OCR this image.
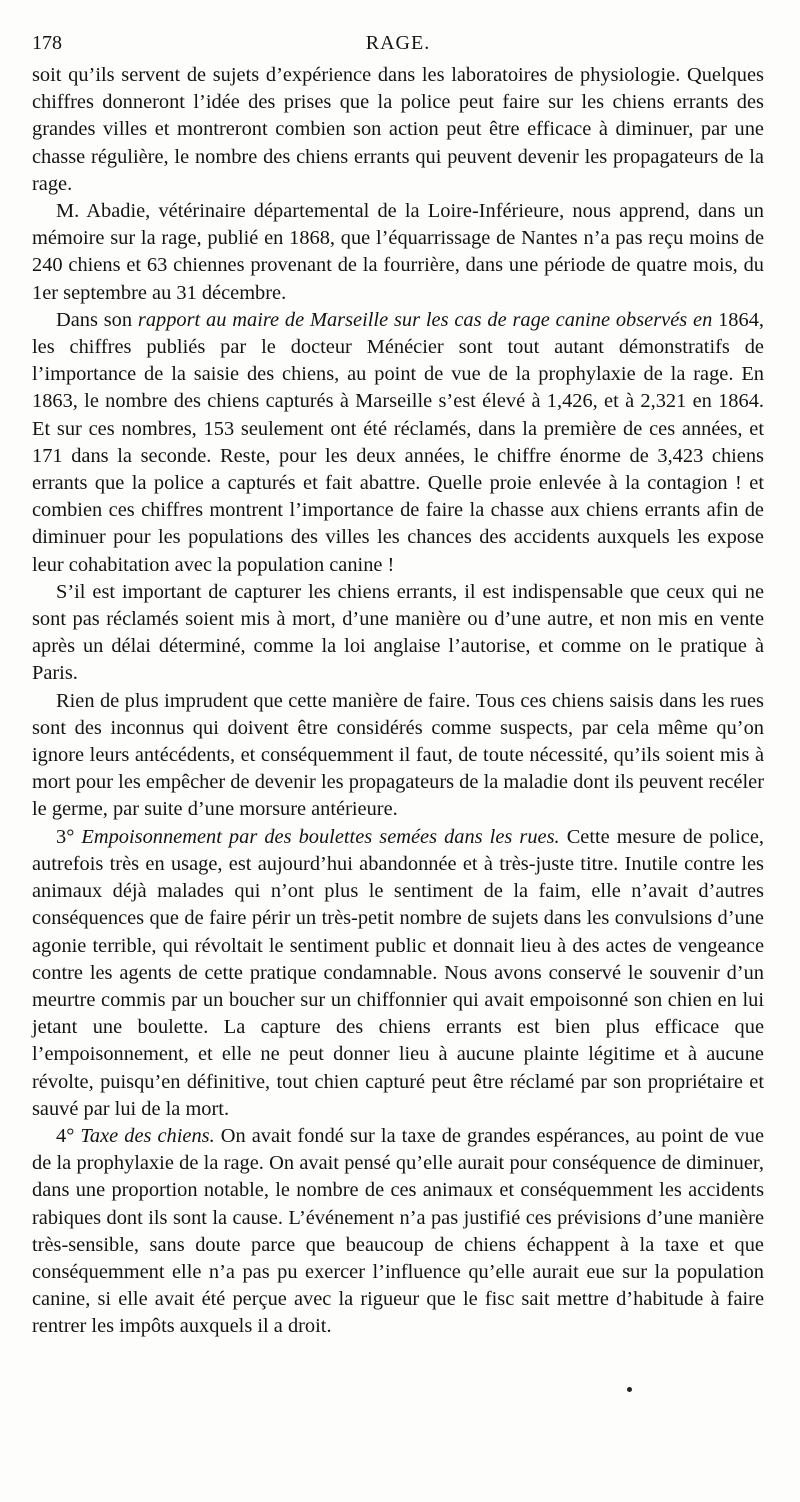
178	RAGE.

soit qu’ils servent de sujets d’expérience dans les laboratoires de physiologie. Quelques chiffres donneront l’idée des prises que la police peut faire sur les chiens errants des grandes villes et montreront combien son action peut être efficace à diminuer, par une chasse régulière, le nombre des chiens errants qui peuvent devenir les propagateurs de la rage.

M. Abadie, vétérinaire départemental de la Loire-Inférieure, nous apprend, dans un mémoire sur la rage, publié en 1868, que l’équarrissage de Nantes n’a pas reçu moins de 240 chiens et 63 chiennes provenant de la fourrière, dans une période de quatre mois, du 1er septembre au 31 décembre.

Dans son rapport au maire de Marseille sur les cas de rage canine observés en 1864, les chiffres publiés par le docteur Ménécier sont tout autant démonstratifs de l’importance de la saisie des chiens, au point de vue de la prophylaxie de la rage. En 1863, le nombre des chiens capturés à Marseille s’est élevé à 1,426, et à 2,321 en 1864. Et sur ces nombres, 153 seulement ont été réclamés, dans la première de ces années, et 171 dans la seconde. Reste, pour les deux années, le chiffre énorme de 3,423 chiens errants que la police a capturés et fait abattre. Quelle proie enlevée à la contagion ! et combien ces chiffres montrent l’importance de faire la chasse aux chiens errants afin de diminuer pour les populations des villes les chances des accidents auxquels les expose leur cohabitation avec la population canine !

S’il est important de capturer les chiens errants, il est indispensable que ceux qui ne sont pas réclamés soient mis à mort, d’une manière ou d’une autre, et non mis en vente après un délai déterminé, comme la loi anglaise l’autorise, et comme on le pratique à Paris.

Rien de plus imprudent que cette manière de faire. Tous ces chiens saisis dans les rues sont des inconnus qui doivent être considérés comme suspects, par cela même qu’on ignore leurs antécédents, et conséquemment il faut, de toute nécessité, qu’ils soient mis à mort pour les empêcher de devenir les propagateurs de la maladie dont ils peuvent recéler le germe, par suite d’une morsure antérieure.

3° Empoisonnement par des boulettes semées dans les rues. Cette mesure de police, autrefois très en usage, est aujourd’hui abandonnée et à très-juste titre. Inutile contre les animaux déjà malades qui n’ont plus le sentiment de la faim, elle n’avait d’autres conséquences que de faire périr un très-petit nombre de sujets dans les convulsions d’une agonie terrible, qui révoltait le sentiment public et donnait lieu à des actes de vengeance contre les agents de cette pratique condamnable. Nous avons conservé le souvenir d’un meurtre commis par un boucher sur un chiffonnier qui avait empoisonné son chien en lui jetant une boulette. La capture des chiens errants est bien plus efficace que l’empoisonnement, et elle ne peut donner lieu à aucune plainte légitime et à aucune révolte, puisqu’en définitive, tout chien capturé peut être réclamé par son propriétaire et sauvé par lui de la mort.

4° Taxe des chiens. On avait fondé sur la taxe de grandes espérances, au point de vue de la prophylaxie de la rage. On avait pensé qu’elle aurait pour conséquence de diminuer, dans une proportion notable, le nombre de ces animaux et conséquemment les accidents rabiques dont ils sont la cause. L’événement n’a pas justifié ces prévisions d’une manière très-sensible, sans doute parce que beaucoup de chiens échappent à la taxe et que conséquemment elle n’a pas pu exercer l’influence qu’elle aurait eue sur la population canine, si elle avait été perçue avec la rigueur que le fisc sait mettre d’habitude à faire rentrer les impôts auxquels il a droit.
